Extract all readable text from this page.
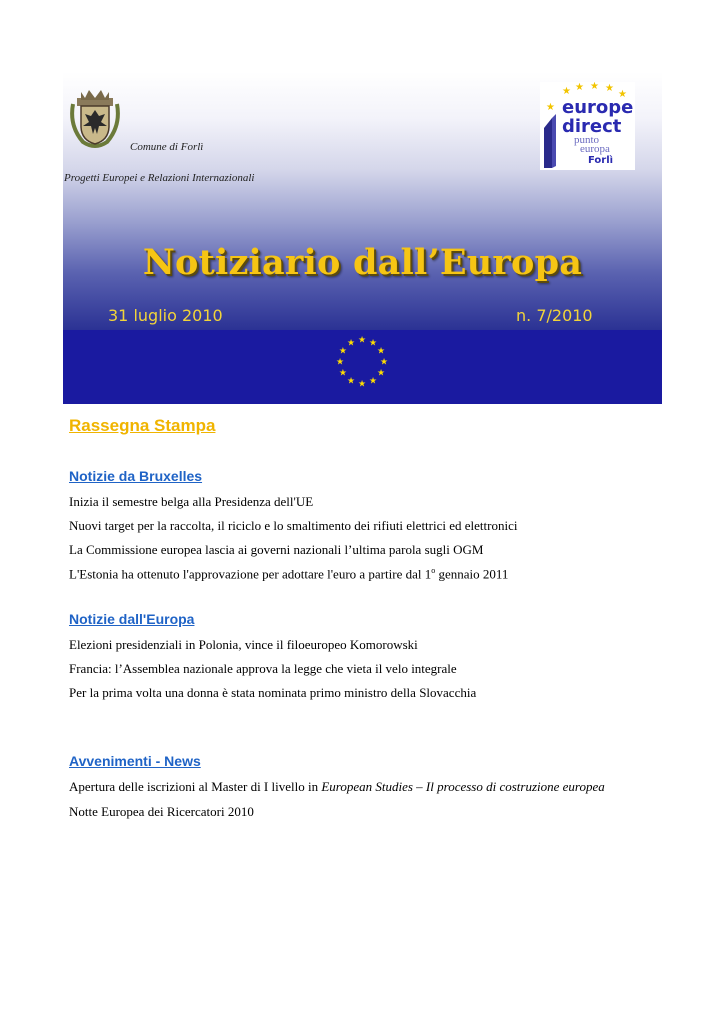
Comune di Forlì
Progetti Europei e Relazioni Internazionali
★ ★ ★ ★
★
★ europe
direct
punto
europa
Forlì
Notiziario dall’Europa
31 luglio 2010	n. 7/2010
★ ★
★
★
★
★
★
★
★
★
★
★
Rassegna Stampa
Notizie da Bruxelles
Inizia il semestre belga alla Presidenza dell'UE
Nuovi target per la raccolta, il riciclo e lo smaltimento dei rifiuti elettrici ed elettronici
La Commissione europea lascia ai governi nazionali l’ultima parola sugli OGM
L'Estonia ha ottenuto l'approvazione per adottare l'euro a partire dal 1$^o$ gennaio 2011
Notizie dall'Europa
Elezioni presidenziali in Polonia, vince il filoeuropeo Komorowski
Francia: l’Assemblea nazionale approva la legge che vieta il velo integrale
Per la prima volta una donna è stata nominata primo ministro della Slovacchia
Avvenimenti - News
Apertura delle iscrizioni al Master di I livello in European Studies – Il processo di costruzione europea
Notte Europea dei Ricercatori 2010
